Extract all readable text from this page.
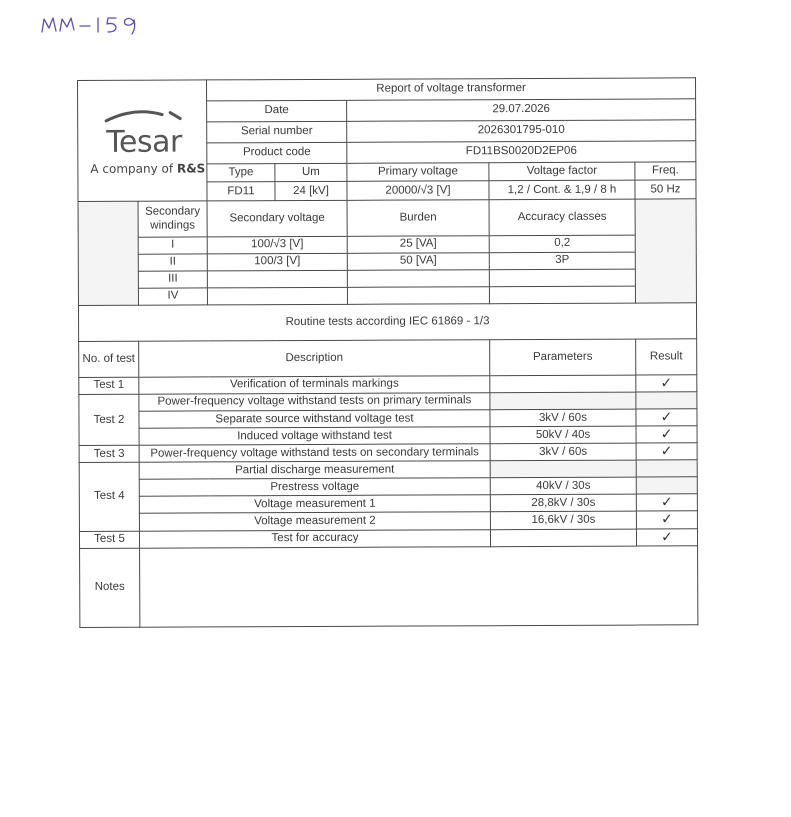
Tesar
A company of R&S		Report of voltage transformer				
		Date		29.07.2026		
		Serial number		2026301795-010		
		Product code		FD11BS0020D2EP06		
		Type	Um	Primary voltage	Voltage factor	Freq.
		FD11	24 [kV]	20000/√3 [V]	1,2 / Cont. & 1,9 / 8 h	50 Hz
	Secondary windings	Secondary voltage		Burden	Accuracy classes	
	I	100/√3 [V]		25 [VA]	0,2	
	II	100/3 [V]		50 [VA]	3P	
	III					
	IV					
Routine tests according IEC 61869 - 1/3						
No. of test	Description				Parameters	Result
Test 1	Verification of terminals markings					✓
Test 2	Power-frequency voltage withstand tests on primary terminals					
	Separate source withstand voltage test				3kV / 60s	✓
	Induced voltage withstand test				50kV / 40s	✓
Test 3	Power-frequency voltage withstand tests on secondary terminals				3kV / 60s	✓
Test 4	Partial discharge measurement					
	Prestress voltage				40kV / 30s	
	Voltage measurement 1				28,8kV / 30s	✓
	Voltage measurement 2				16,6kV / 30s	✓
Test 5	Test for accuracy					✓
Notes						
